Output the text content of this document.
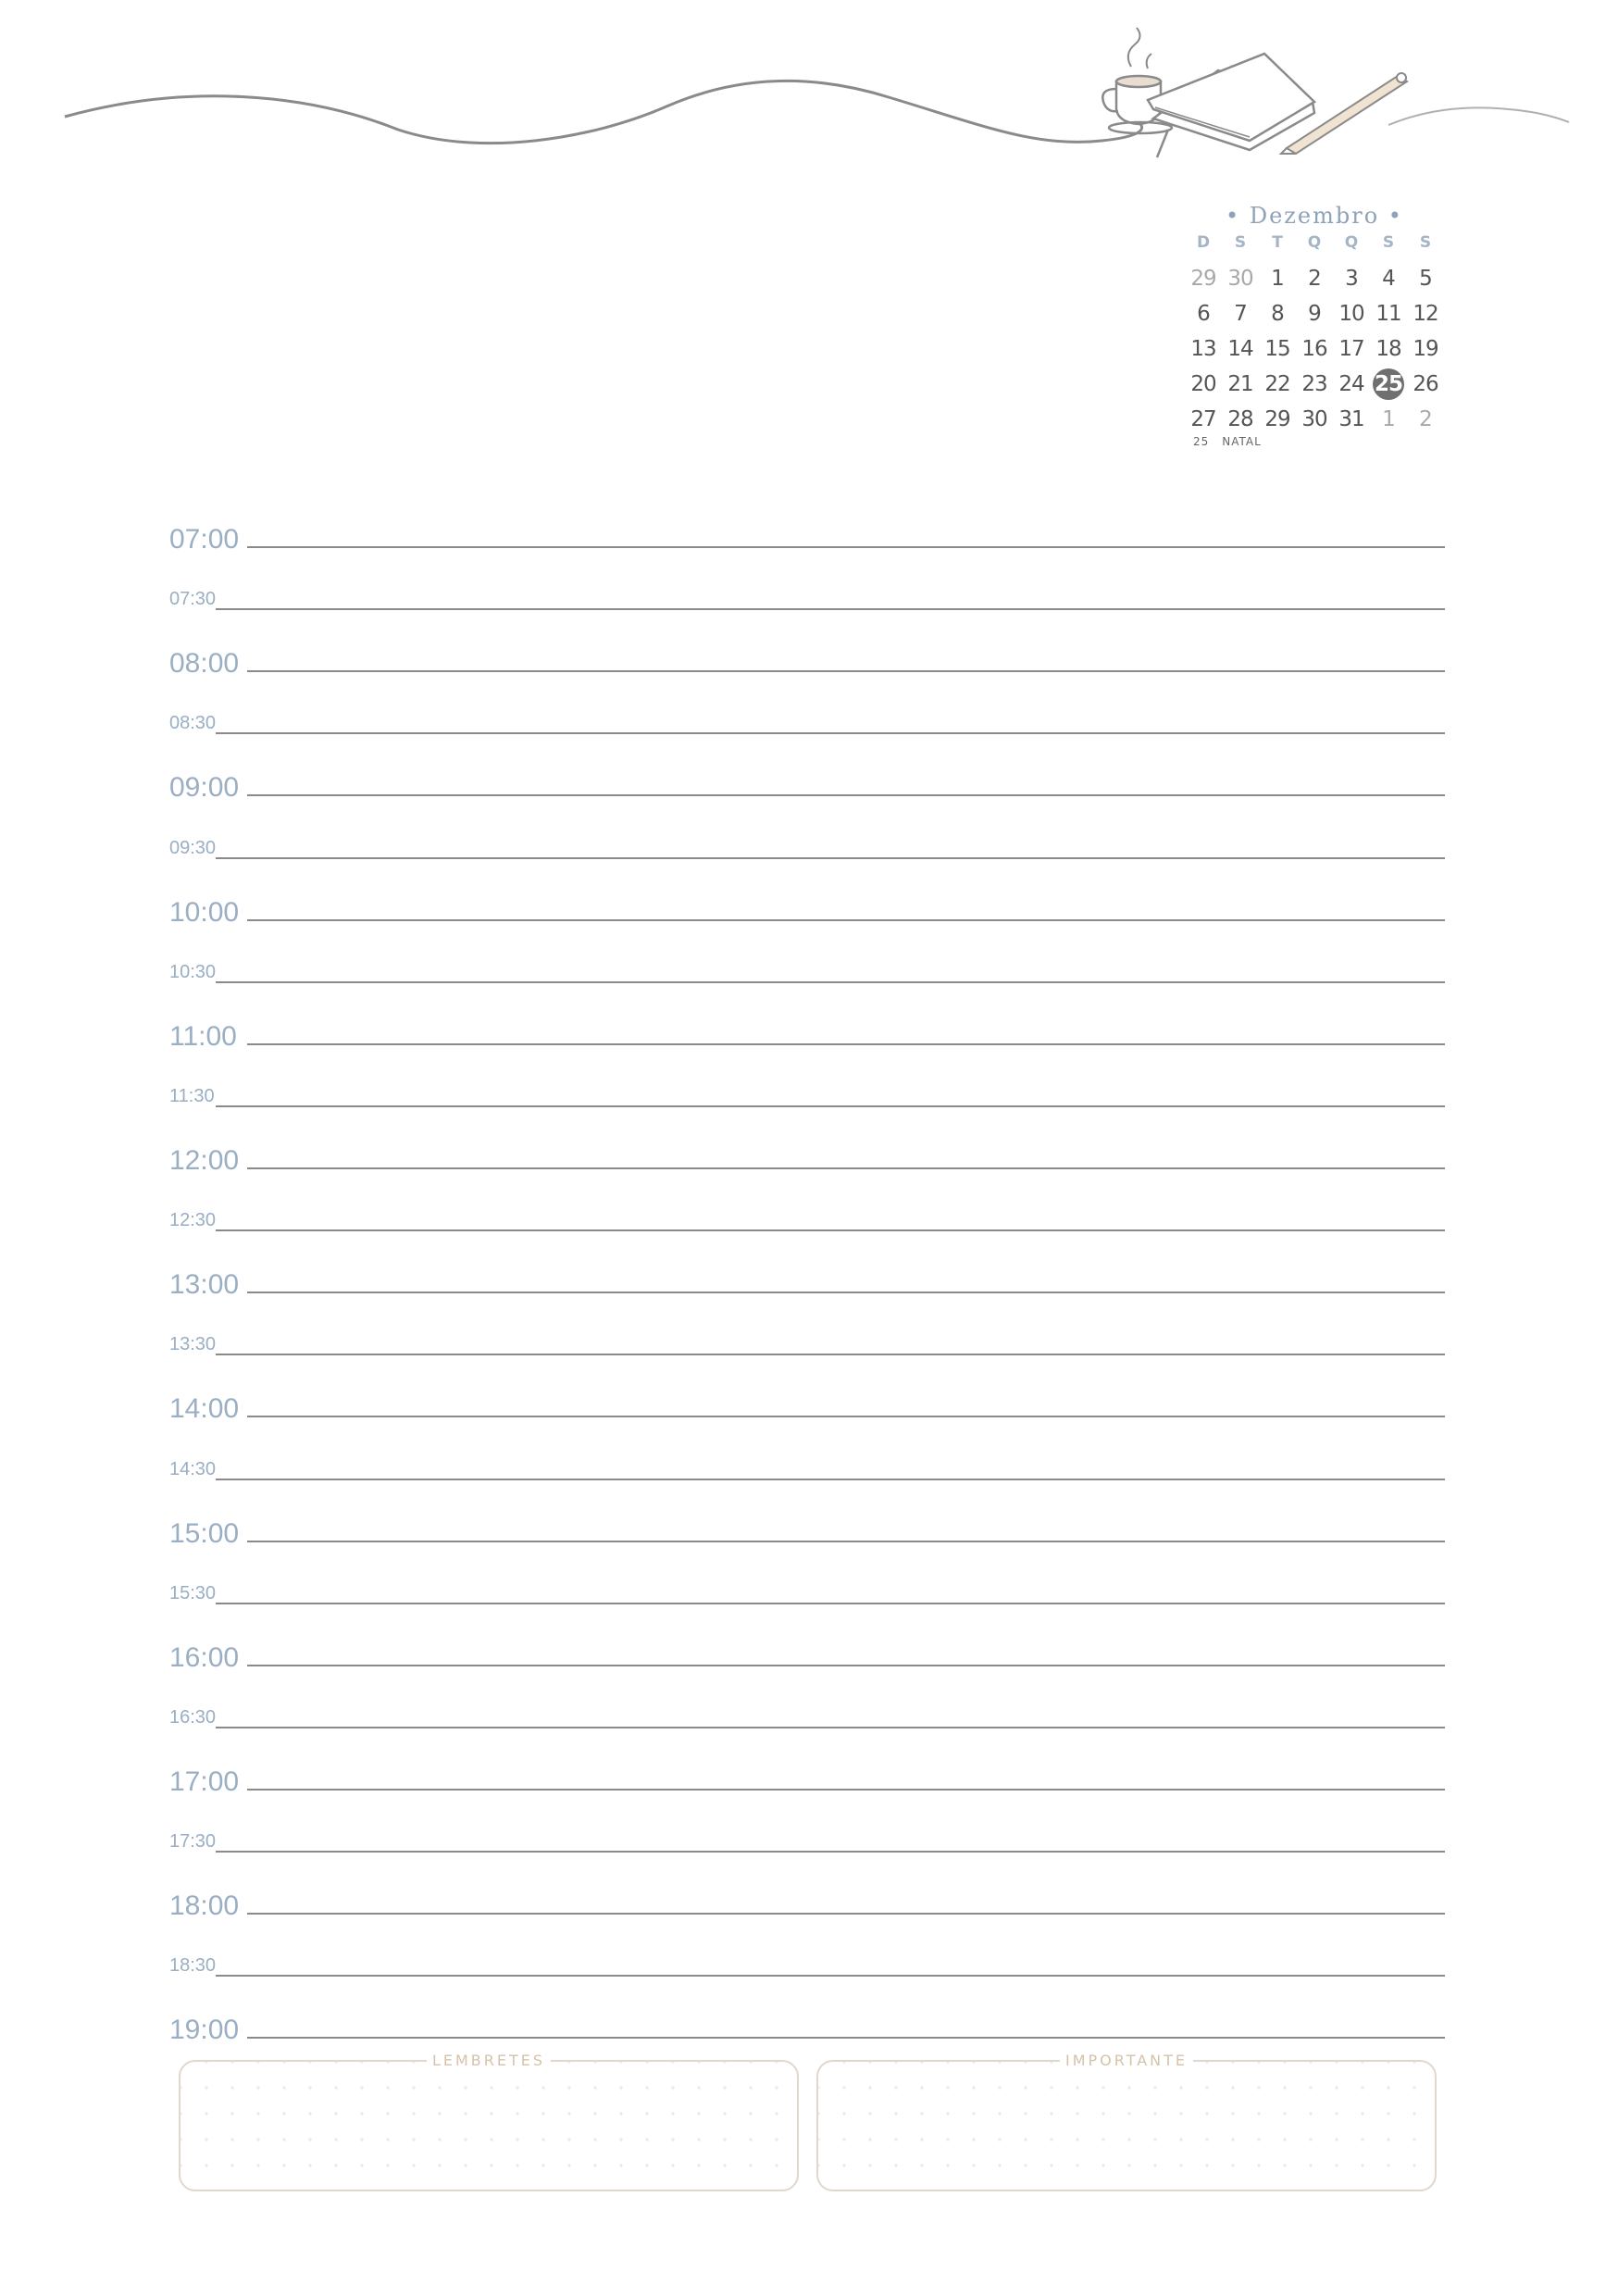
• Dezembro •
D	S	T	Q	Q	S	S
29 30 1	2	3	4	5
6	7	8	9 10 11 12
13 14 15 16 17 18 19
20 21 22 23 24 25 26
27 28 29 30 31 1	2
25 NATAL
07:00
07:30
08:00
08:30
09:00
09:30
10:00
10:30
11:00
11:30
12:00
12:30
13:00
13:30
14:00
14:30
15:00
15:30
16:00
16:30
17:00
17:30
18:00
18:30
19:00
LEMBRETES	IMPORTANTE
